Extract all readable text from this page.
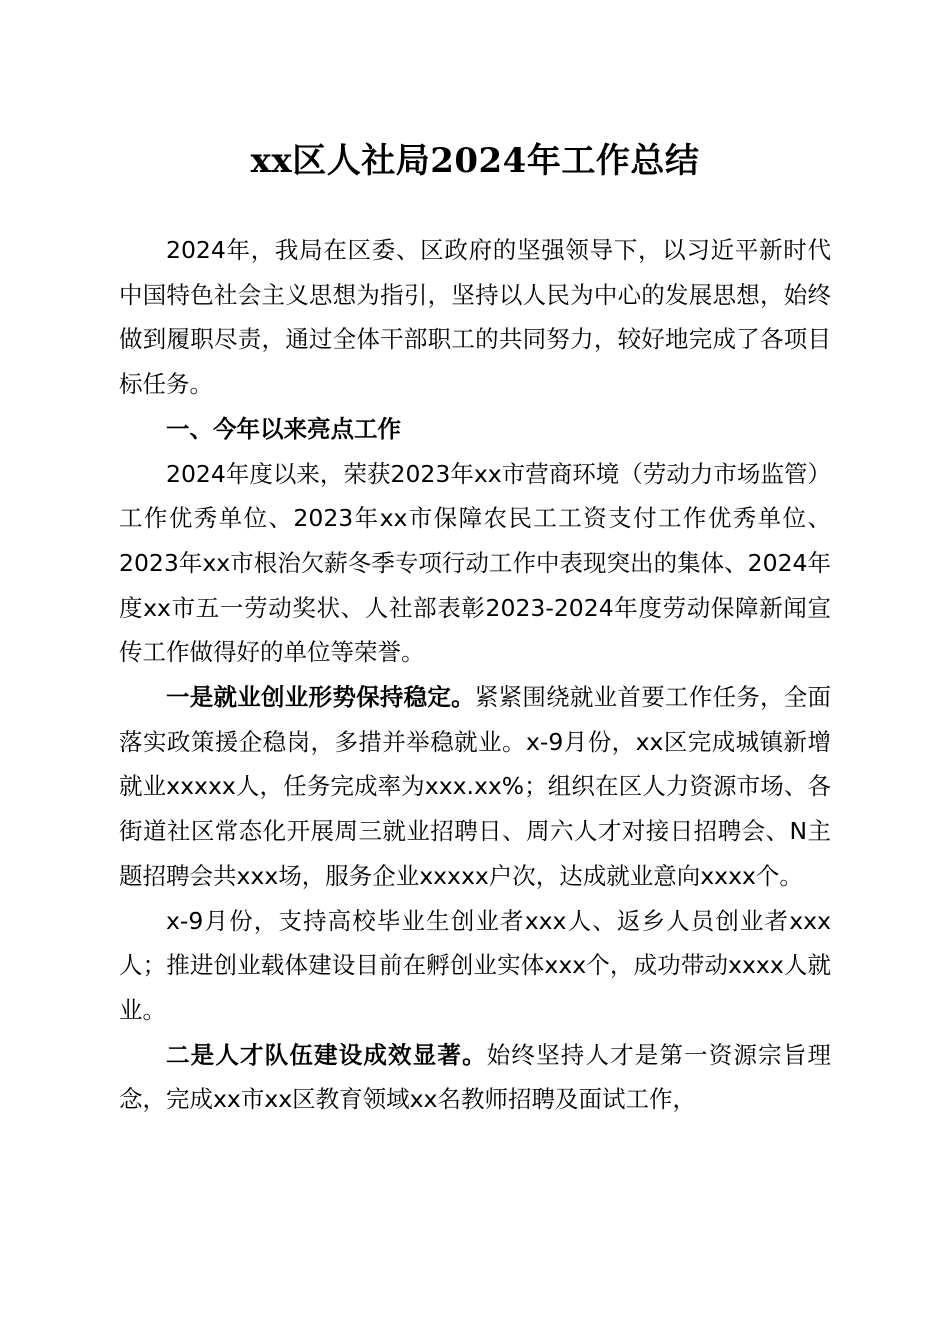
xx区人社局2024年工作总结

2024年，我局在区委、区政府的坚强领导下，以习近平新时代中国特色社会主义思想为指引，坚持以人民为中心的发展思想，始终做到履职尽责，通过全体干部职工的共同努力，较好地完成了各项目标任务。

一、今年以来亮点工作

2024年度以来，荣获2023年xx市营商环境（劳动力市场监管）工作优秀单位、2023年xx市保障农民工工资支付工作优秀单位、2023年xx市根治欠薪冬季专项行动工作中表现突出的集体、2024年度xx市五一劳动奖状、人社部表彰2023-2024年度劳动保障新闻宣传工作做得好的单位等荣誉。

一是就业创业形势保持稳定。紧紧围绕就业首要工作任务，全面落实政策援企稳岗，多措并举稳就业。x-9月份，xx区完成城镇新增就业xxxxx人，任务完成率为xxx.xx%；组织在区人力资源市场、各街道社区常态化开展周三就业招聘日、周六人才对接日招聘会、N主题招聘会共xxx场，服务企业xxxxx户次，达成就业意向xxxx个。

x-9月份，支持高校毕业生创业者xxx人、返乡人员创业者xxx人；推进创业载体建设目前在孵创业实体xxx个，成功带动xxxx人就业。

二是人才队伍建设成效显著。始终坚持人才是第一资源宗旨理念，完成xx市xx区教育领域xx名教师招聘及面试工作，
